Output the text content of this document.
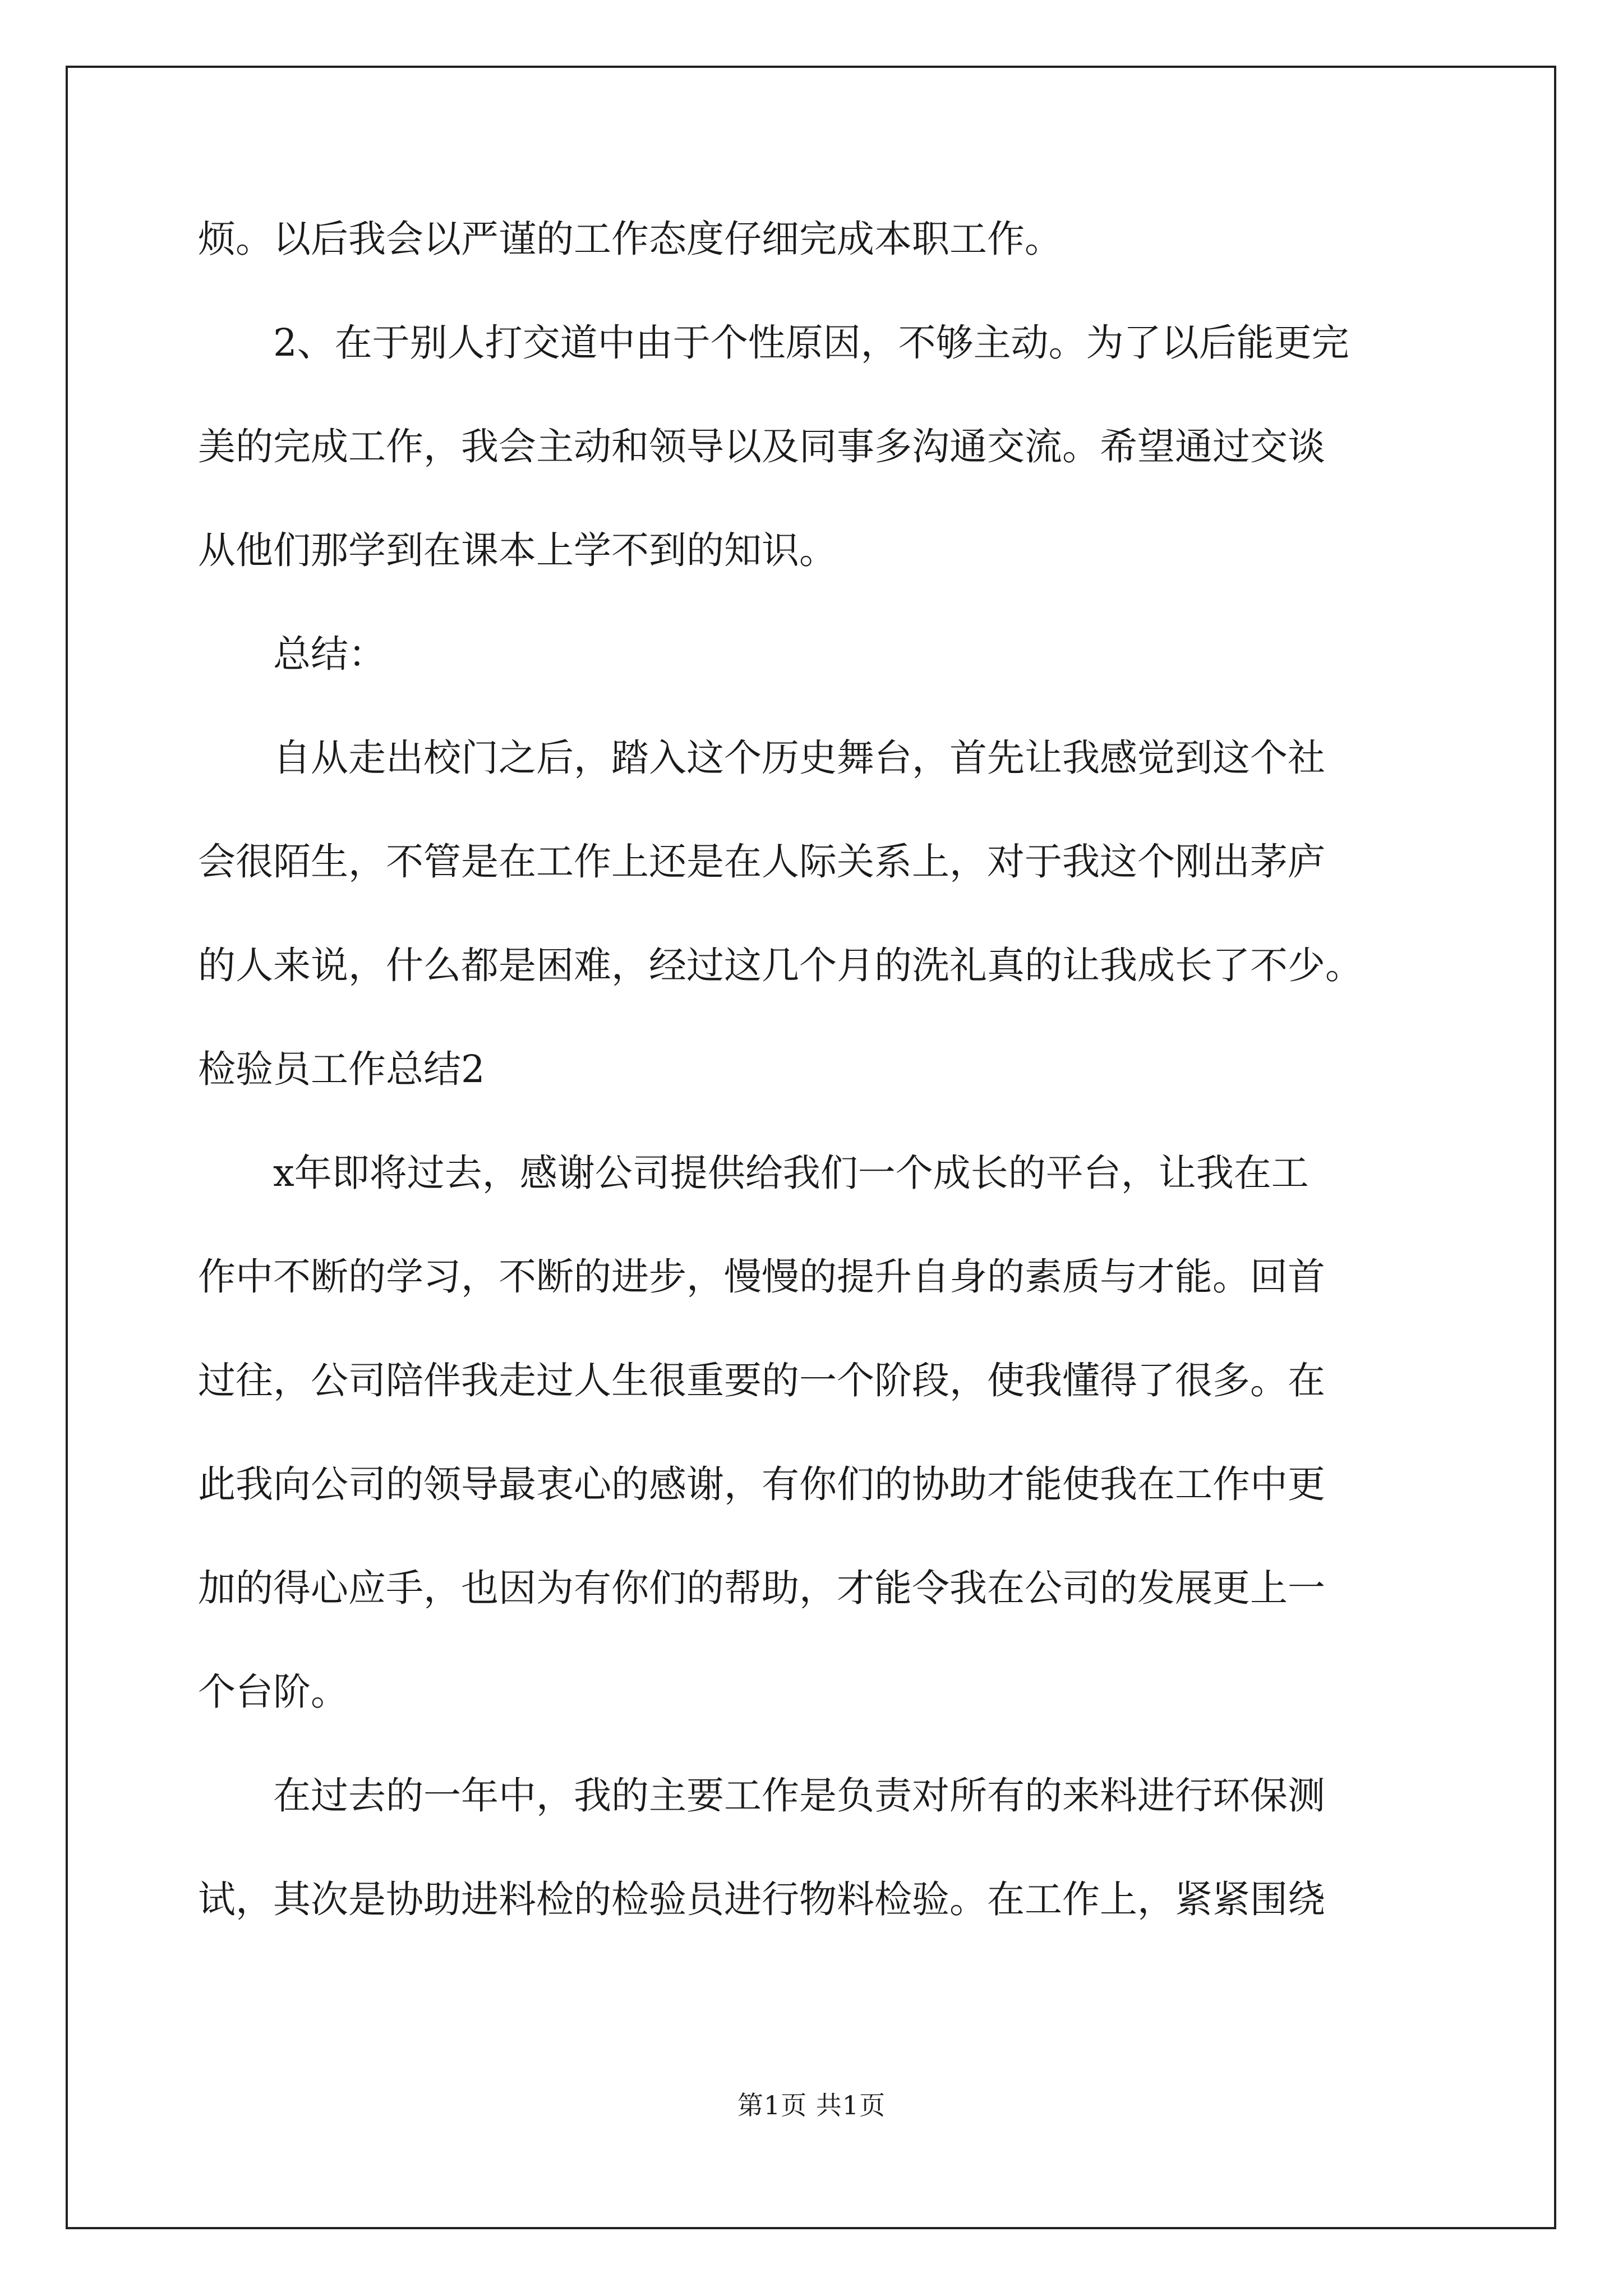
烦。以后我会以严谨的工作态度仔细完成本职工作。
2、在于别人打交道中由于个性原因，不够主动。为了以后能更完
美的完成工作，我会主动和领导以及同事多沟通交流。希望通过交谈
从他们那学到在课本上学不到的知识。
总结：
自从走出校门之后，踏入这个历史舞台，首先让我感觉到这个社
会很陌生，不管是在工作上还是在人际关系上，对于我这个刚出茅庐
的人来说，什么都是困难，经过这几个月的洗礼真的让我成长了不少。
检验员工作总结2
x年即将过去，感谢公司提供给我们一个成长的平台，让我在工
作中不断的学习，不断的进步，慢慢的提升自身的素质与才能。回首
过往，公司陪伴我走过人生很重要的一个阶段，使我懂得了很多。在
此我向公司的领导最衷心的感谢，有你们的协助才能使我在工作中更
加的得心应手，也因为有你们的帮助，才能令我在公司的发展更上一
个台阶。
在过去的一年中，我的主要工作是负责对所有的来料进行环保测
试，其次是协助进料检的检验员进行物料检验。在工作上，紧紧围绕
第1页 共1页
